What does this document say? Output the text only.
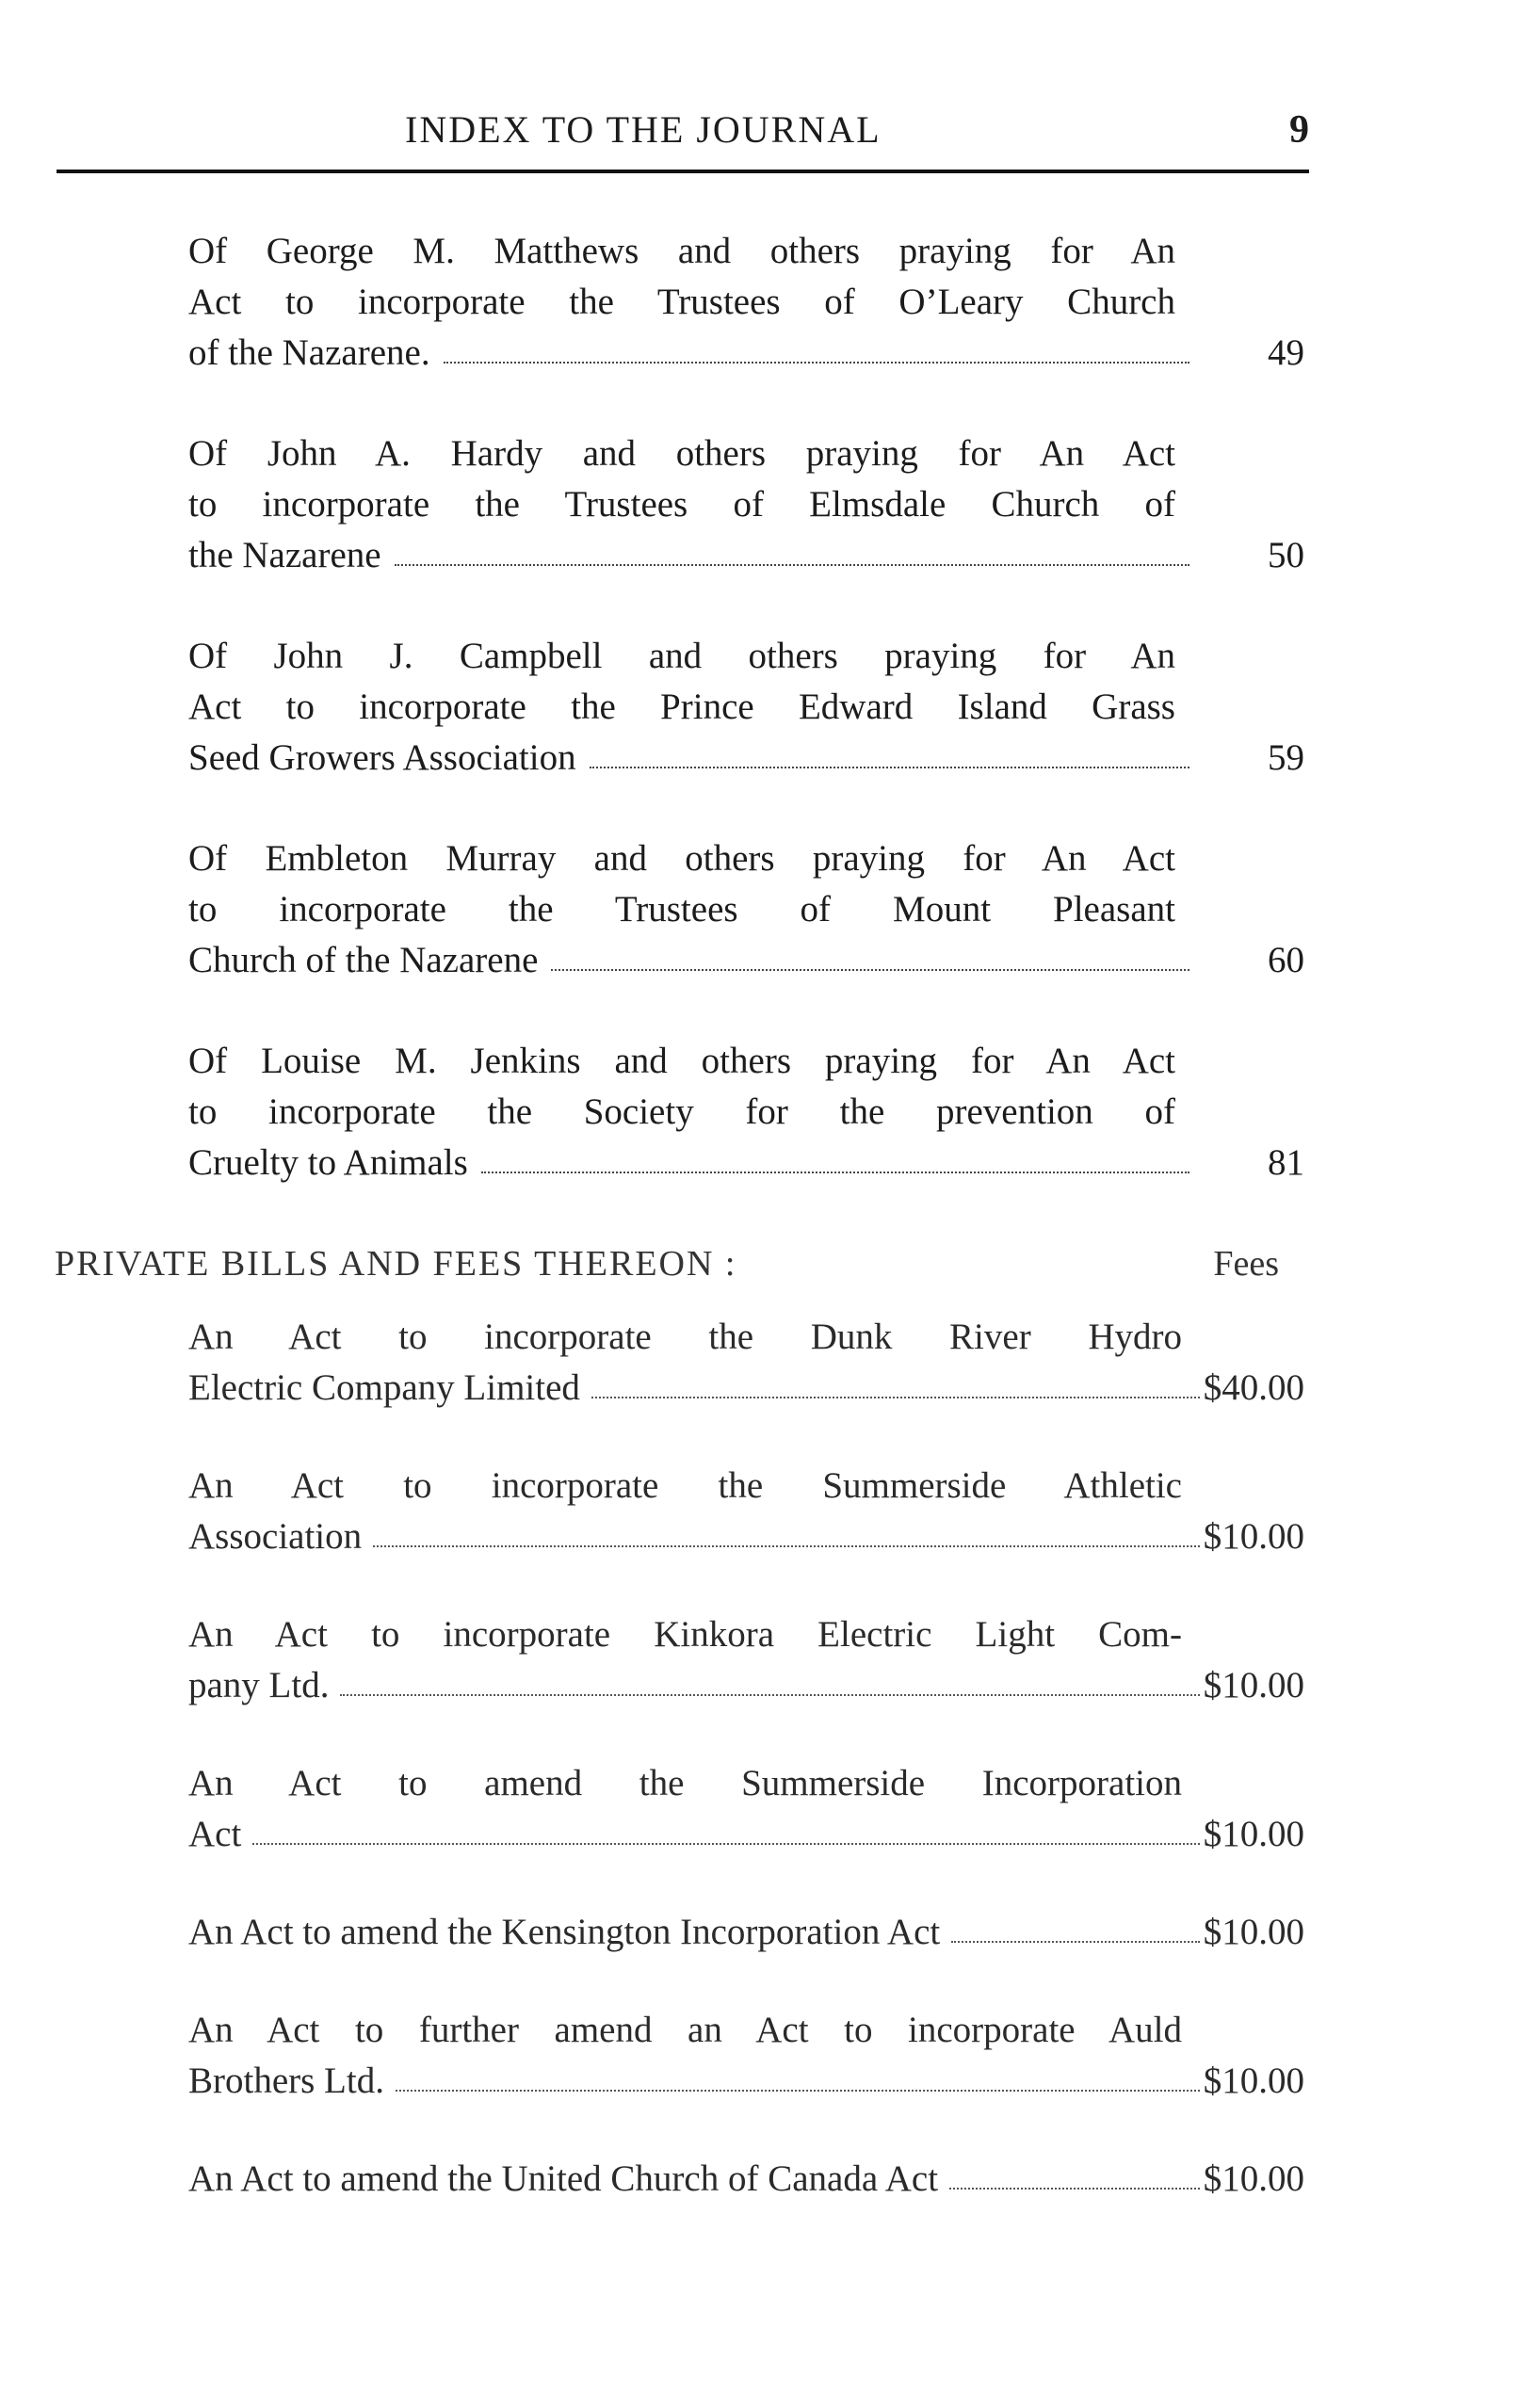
INDEX TO THE JOURNAL	9
Of George M. Matthews and others praying for An
Act to incorporate the Trustees of O’Leary Church
of the Nazarene.	49
Of John A. Hardy and others praying for An Act
to incorporate the Trustees of Elmsdale Church of
the Nazarene	50
Of John J. Campbell and others praying for An
Act to incorporate the Prince Edward Island Grass
Seed Growers Association	59
Of Embleton Murray and others praying for An Act
to incorporate the Trustees of Mount Pleasant
Church of the Nazarene	60
Of Louise M. Jenkins and others praying for An Act
to incorporate the Society for the prevention of
Cruelty to Animals	81
PRIVATE BILLS AND FEES THEREON :	Fees
An Act to incorporate the Dunk River Hydro
Electric Company Limited	$40.00
An Act to incorporate the Summerside Athletic
Association	$10.00
An Act to incorporate Kinkora Electric Light Com-
pany Ltd.	$10.00
An Act to amend the Summerside Incorporation
Act	$10.00
An Act to amend the Kensington Incorporation Act	$10.00
An Act to further amend an Act to incorporate Auld
Brothers Ltd.	$10.00
An Act to amend the United Church of Canada Act	$10.00
